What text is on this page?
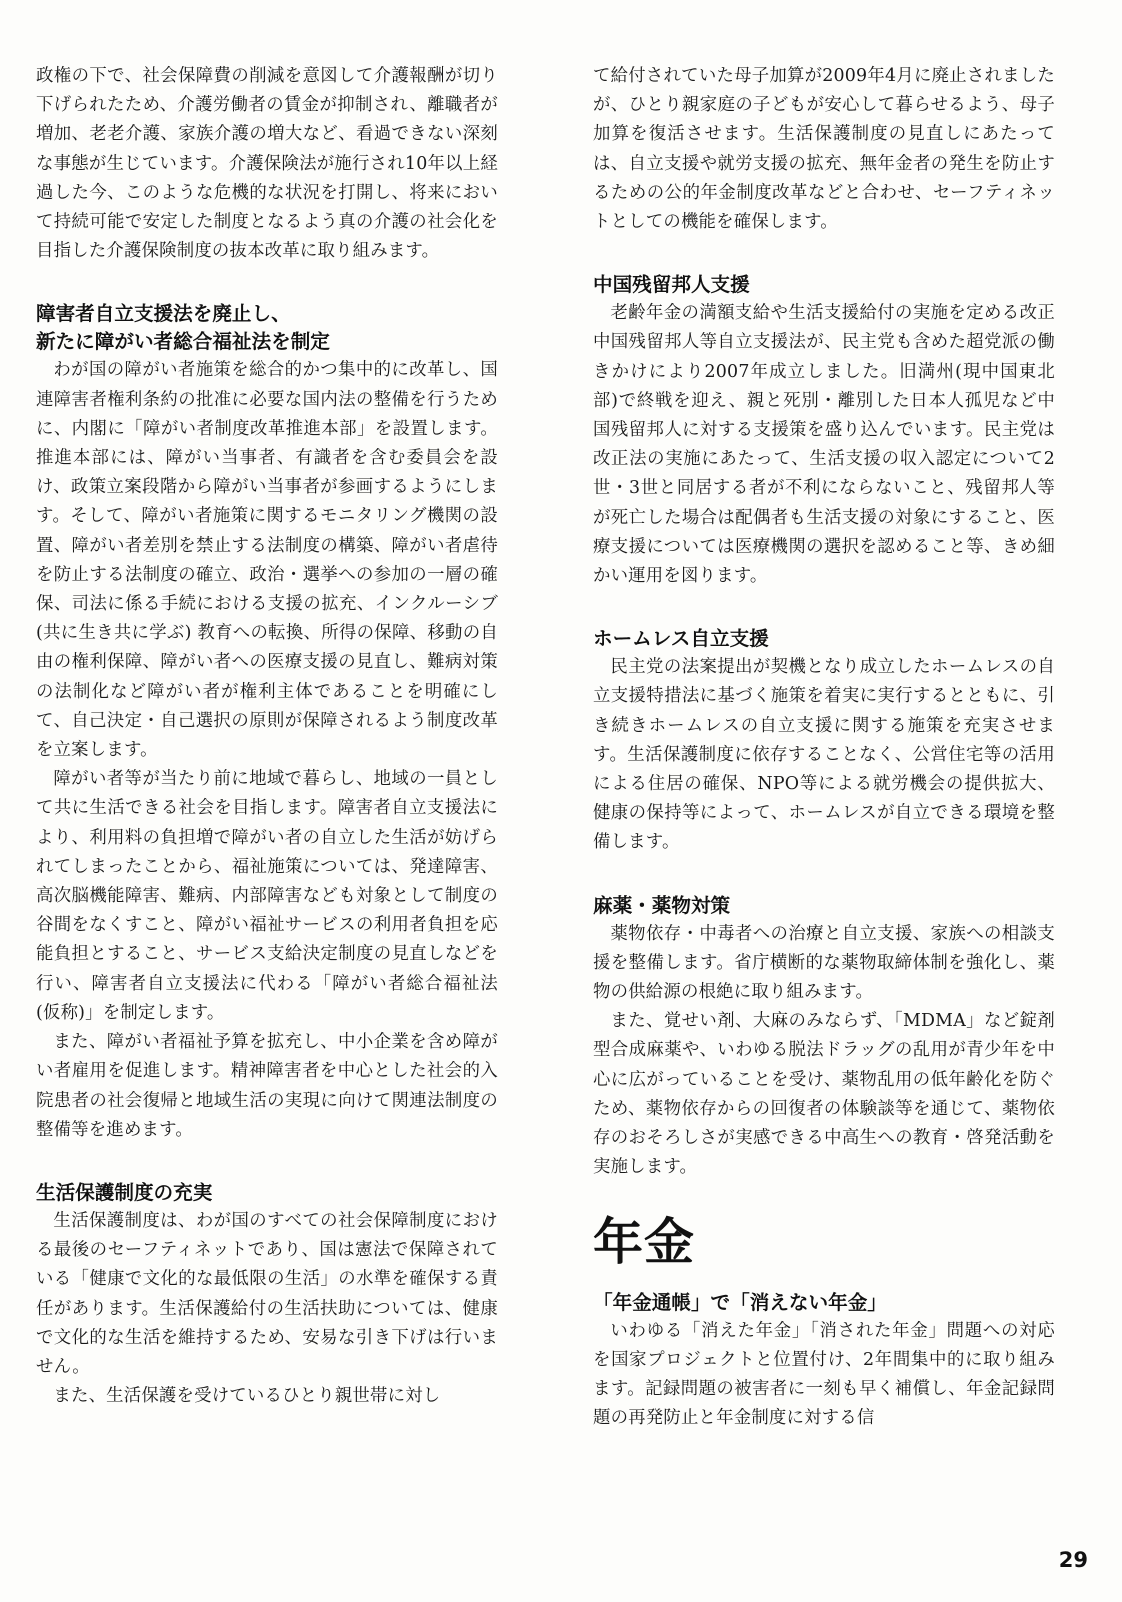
政権の下で、社会保障費の削減を意図して介護報酬が切り下げられたため、介護労働者の賃金が抑制され、離職者が増加、老老介護、家族介護の増大など、看過できない深刻な事態が生じています。介護保険法が施行され10年以上経過した今、このような危機的な状況を打開し、将来において持続可能で安定した制度となるよう真の介護の社会化を目指した介護保険制度の抜本改革に取り組みます。

障害者自立支援法を廃止し、
新たに障がい者総合福祉法を制定

わが国の障がい者施策を総合的かつ集中的に改革し、国連障害者権利条約の批准に必要な国内法の整備を行うために、内閣に「障がい者制度改革推進本部」を設置します。推進本部には、障がい当事者、有識者を含む委員会を設け、政策立案段階から障がい当事者が参画するようにします。そして、障がい者施策に関するモニタリング機関の設置、障がい者差別を禁止する法制度の構築、障がい者虐待を防止する法制度の確立、政治・選挙への参加の一層の確保、司法に係る手続における支援の拡充、インクルーシブ(共に生き共に学ぶ) 教育への転換、所得の保障、移動の自由の権利保障、障がい者への医療支援の見直し、難病対策の法制化など障がい者が権利主体であることを明確にして、自己決定・自己選択の原則が保障されるよう制度改革を立案します。

障がい者等が当たり前に地域で暮らし、地域の一員として共に生活できる社会を目指します。障害者自立支援法により、利用料の負担増で障がい者の自立した生活が妨げられてしまったことから、福祉施策については、発達障害、高次脳機能障害、難病、内部障害なども対象として制度の谷間をなくすこと、障がい福祉サービスの利用者負担を応能負担とすること、サービス支給決定制度の見直しなどを行い、障害者自立支援法に代わる「障がい者総合福祉法(仮称)」を制定します。

また、障がい者福祉予算を拡充し、中小企業を含め障がい者雇用を促進します。精神障害者を中心とした社会的入院患者の社会復帰と地域生活の実現に向けて関連法制度の整備等を進めます。

生活保護制度の充実

生活保護制度は、わが国のすべての社会保障制度における最後のセーフティネットであり、国は憲法で保障されている「健康で文化的な最低限の生活」の水準を確保する責任があります。生活保護給付の生活扶助については、健康で文化的な生活を維持するため、安易な引き下げは行いません。

また、生活保護を受けているひとり親世帯に対し

て給付されていた母子加算が2009年4月に廃止されましたが、ひとり親家庭の子どもが安心して暮らせるよう、母子加算を復活させます。生活保護制度の見直しにあたっては、自立支援や就労支援の拡充、無年金者の発生を防止するための公的年金制度改革などと合わせ、セーフティネットとしての機能を確保します。

中国残留邦人支援

老齢年金の満額支給や生活支援給付の実施を定める改正中国残留邦人等自立支援法が、民主党も含めた超党派の働きかけにより2007年成立しました。旧満州(現中国東北部)で終戦を迎え、親と死別・離別した日本人孤児など中国残留邦人に対する支援策を盛り込んでいます。民主党は改正法の実施にあたって、生活支援の収入認定について2世・3世と同居する者が不利にならないこと、残留邦人等が死亡した場合は配偶者も生活支援の対象にすること、医療支援については医療機関の選択を認めること等、きめ細かい運用を図ります。

ホームレス自立支援

民主党の法案提出が契機となり成立したホームレスの自立支援特措法に基づく施策を着実に実行するとともに、引き続きホームレスの自立支援に関する施策を充実させます。生活保護制度に依存することなく、公営住宅等の活用による住居の確保、NPO等による就労機会の提供拡大、健康の保持等によって、ホームレスが自立できる環境を整備します。

麻薬・薬物対策

薬物依存・中毒者への治療と自立支援、家族への相談支援を整備します。省庁横断的な薬物取締体制を強化し、薬物の供給源の根絶に取り組みます。

また、覚せい剤、大麻のみならず、「MDMA」など錠剤型合成麻薬や、いわゆる脱法ドラッグの乱用が青少年を中心に広がっていることを受け、薬物乱用の低年齢化を防ぐため、薬物依存からの回復者の体験談等を通じて、薬物依存のおそろしさが実感できる中高生への教育・啓発活動を実施します。

年金
「年金通帳」で「消えない年金」

いわゆる「消えた年金」「消された年金」問題への対応を国家プロジェクトと位置付け、2年間集中的に取り組みます。記録問題の被害者に一刻も早く補償し、年金記録問題の再発防止と年金制度に対する信

29
